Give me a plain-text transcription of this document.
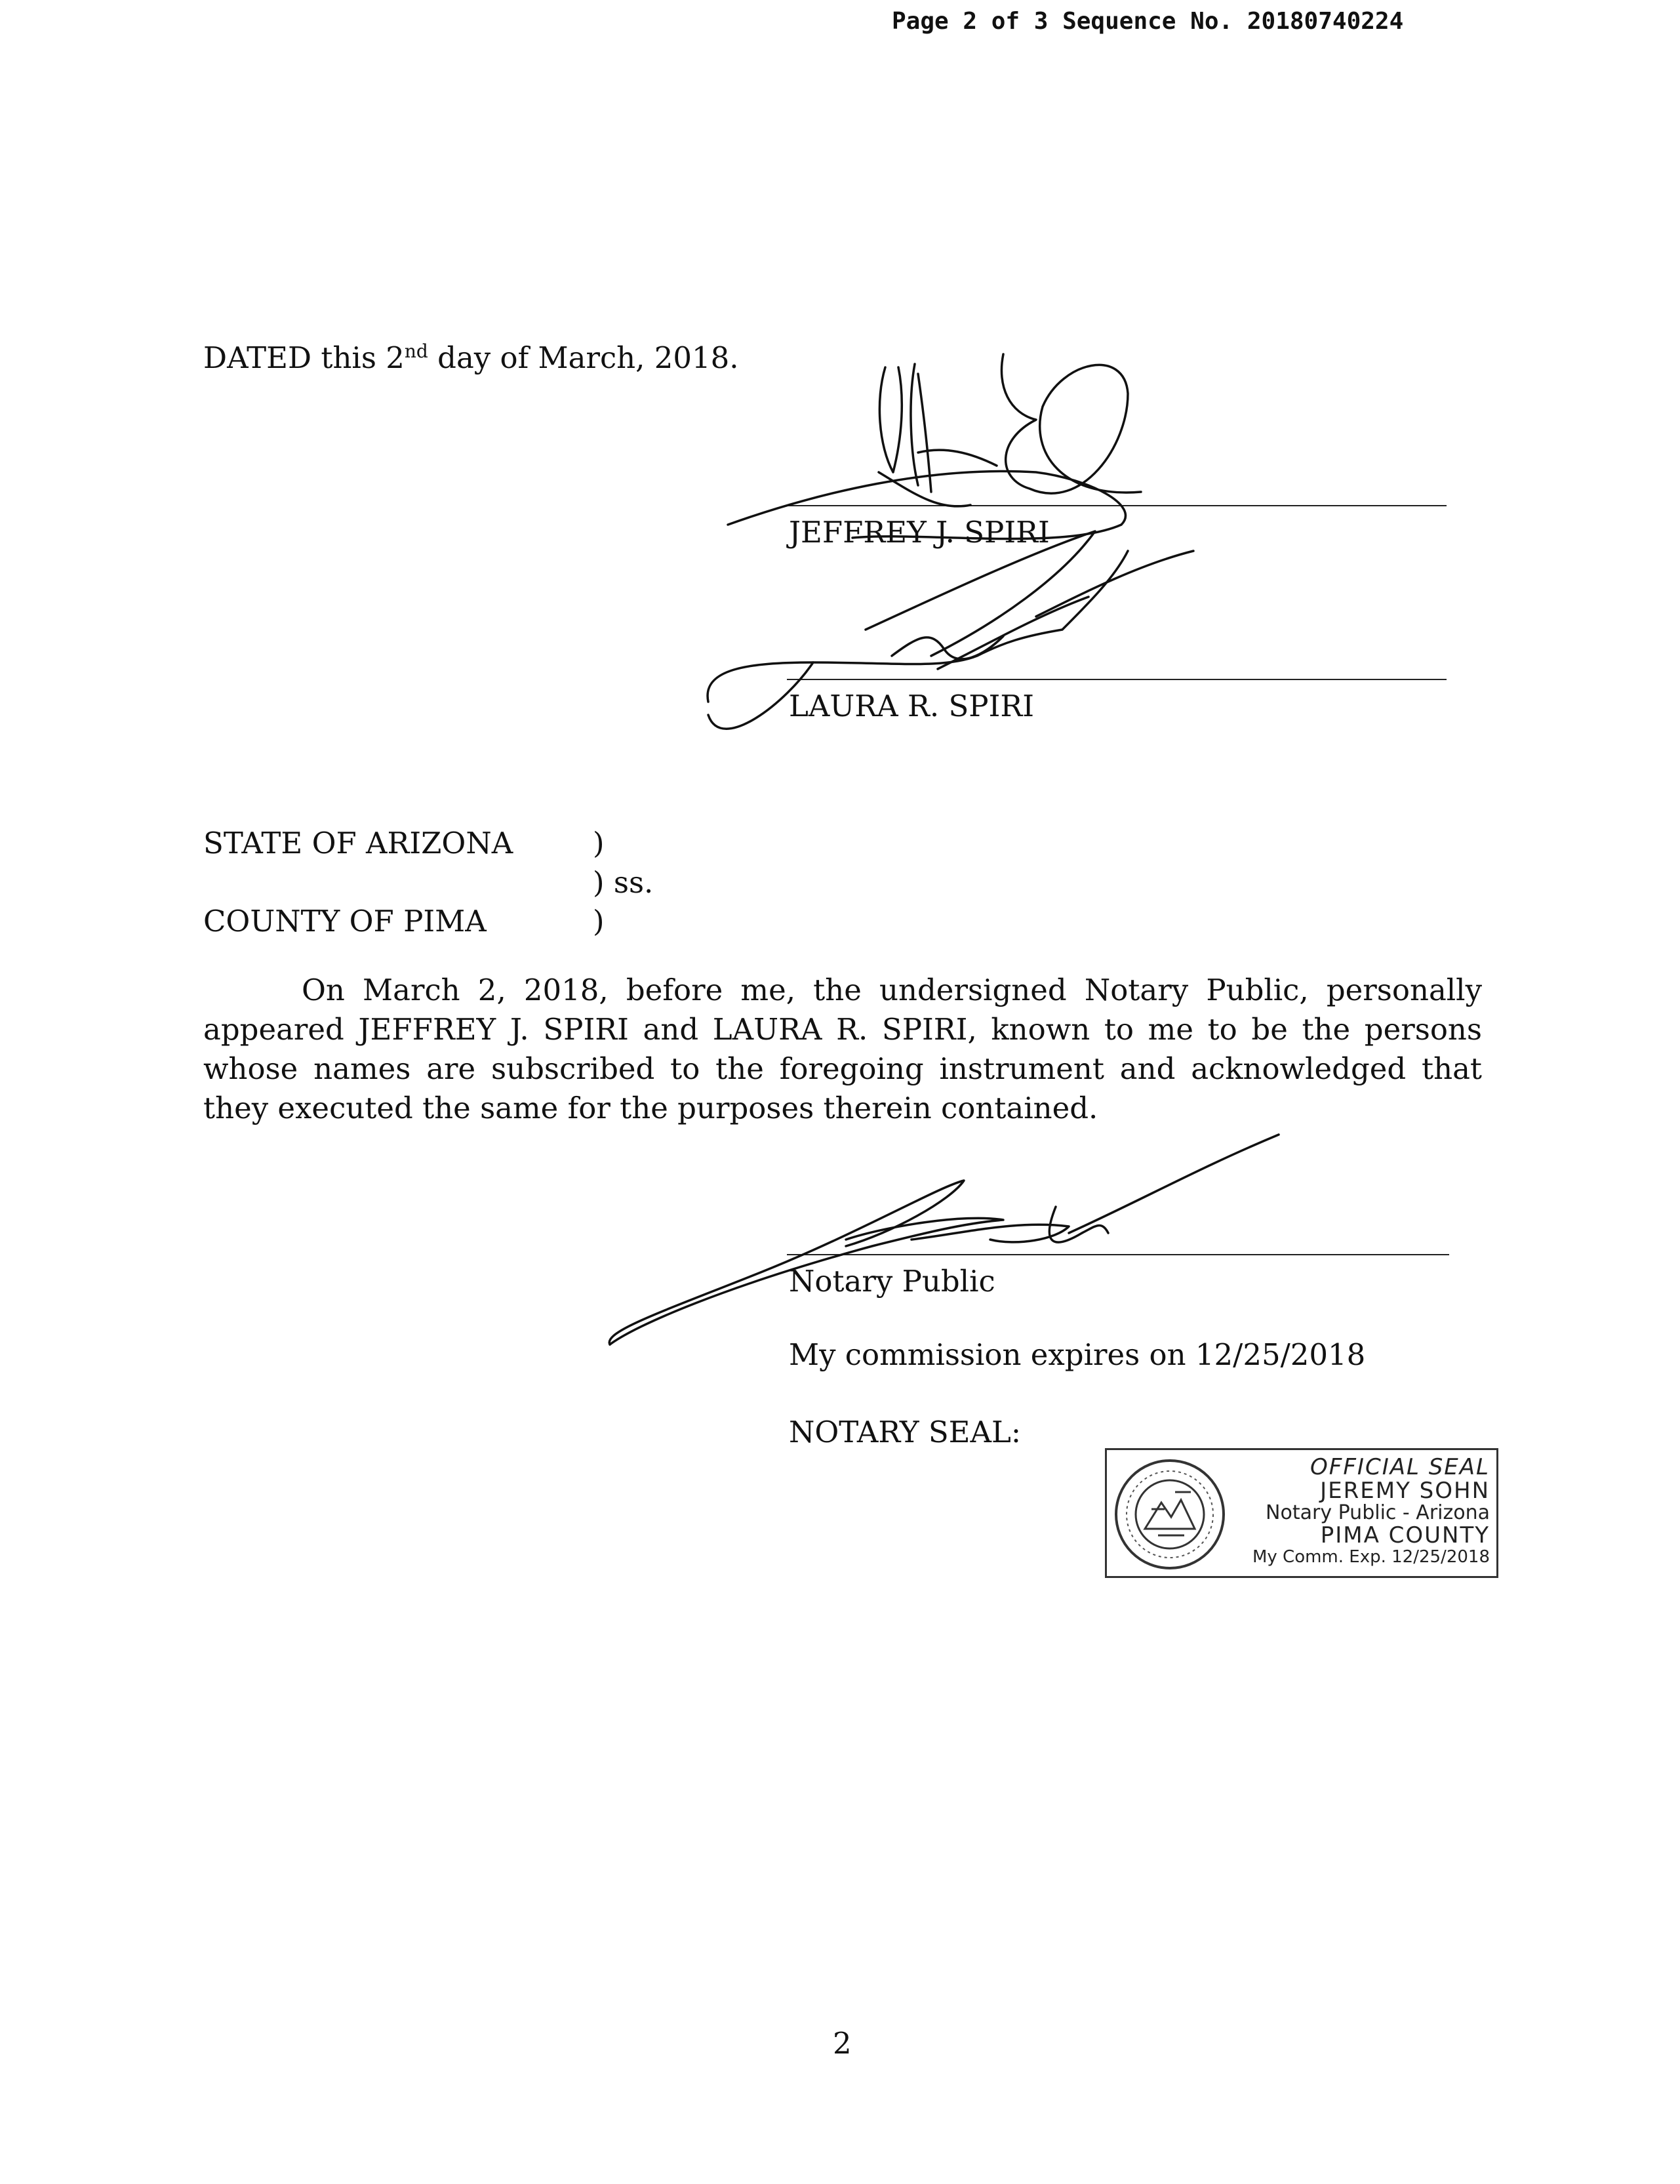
Page 2 of 3 Sequence No. 20180740224
DATED this 2nd day of March, 2018.
JEFFREY J. SPIRI
LAURA R. SPIRI
STATE OF ARIZONA
COUNTY OF PIMA
)
) ss.
)
On March 2, 2018, before me, the undersigned Notary Public, personally appeared JEFFREY J. SPIRI and LAURA R. SPIRI, known to me to be the persons whose names are subscribed to the foregoing instrument and acknowledged that they executed the same for the purposes therein contained.
Notary Public
My commission expires on 12/25/2018
NOTARY SEAL:
OFFICIAL SEAL
JEREMY SOHN
Notary Public - Arizona
PIMA COUNTY
My Comm. Exp. 12/25/2018
2
